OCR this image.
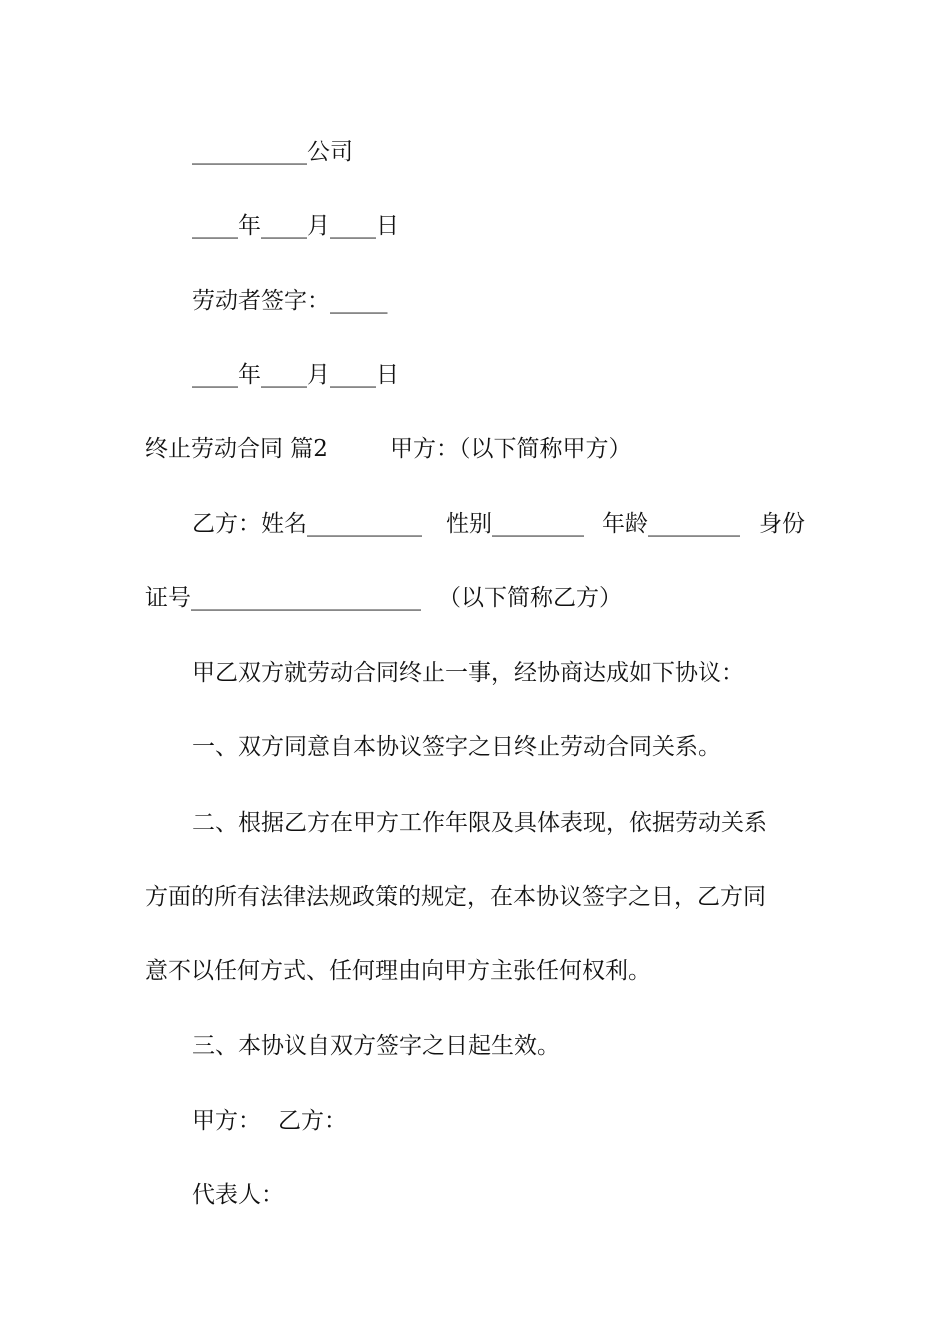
__________公司
____年____月____日
劳动者签字：_____
____年____月____日
终止劳动合同 篇2	甲方：（以下简称甲方）
乙方：姓名__________ 性别________ 年龄________ 身份
证号____________________ （以下简称乙方）
甲乙双方就劳动合同终止一事，经协商达成如下协议：
一、双方同意自本协议签字之日终止劳动合同关系。
二、根据乙方在甲方工作年限及具体表现，依据劳动关系
方面的所有法律法规政策的规定，在本协议签字之日，乙方同
意不以任何方式、任何理由向甲方主张任何权利。
三、本协议自双方签字之日起生效。
甲方： 乙方：
代表人：
